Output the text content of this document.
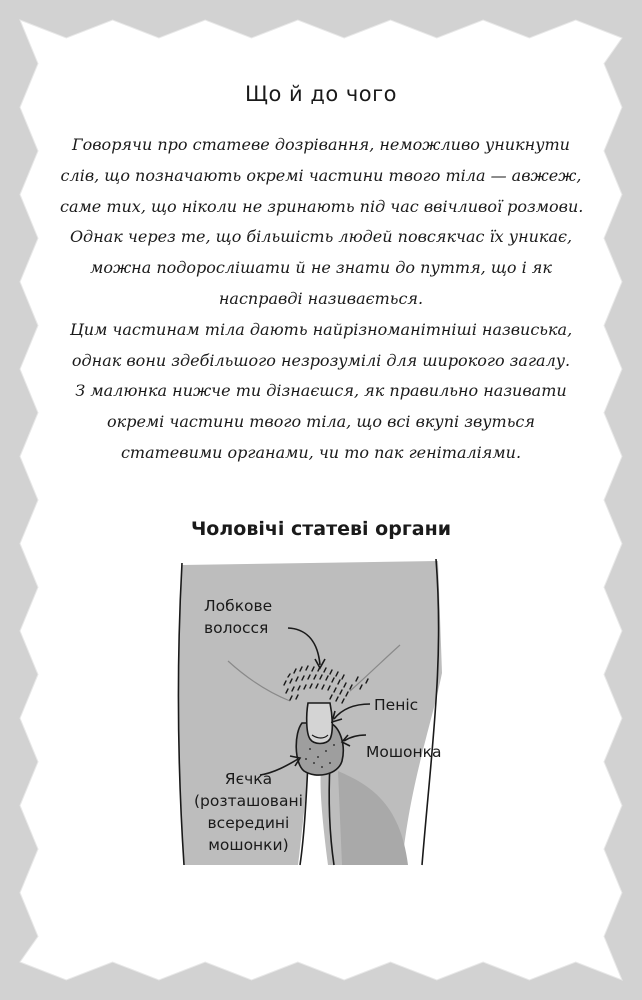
Що й до чого
Говорячи про статеве дозрівання, неможливо уникнути
слів, що позначають окремі частини твого тіла — авжеж,
саме тих, що ніколи не зринають під час ввічливої розмови.
Однак через те, що більшість людей повсякчас їх уникає,
можна подорослішати й не знати до пуття, що і як
насправді називається.
Цим частинам тіла дають найрізноманітніші назвиська,
однак вони здебільшого незрозумілі для широкого загалу.
З малюнка нижче ти дізнаєшся, як правильно називати
окремі частини твого тіла, що всі вкупі звуться
статевими органами, чи то пак геніталіями.
Чоловічі статеві органи
Лобкове
волосся
Пеніс
Мошонка
Яєчка
(розташовані
всередині
мошонки)
